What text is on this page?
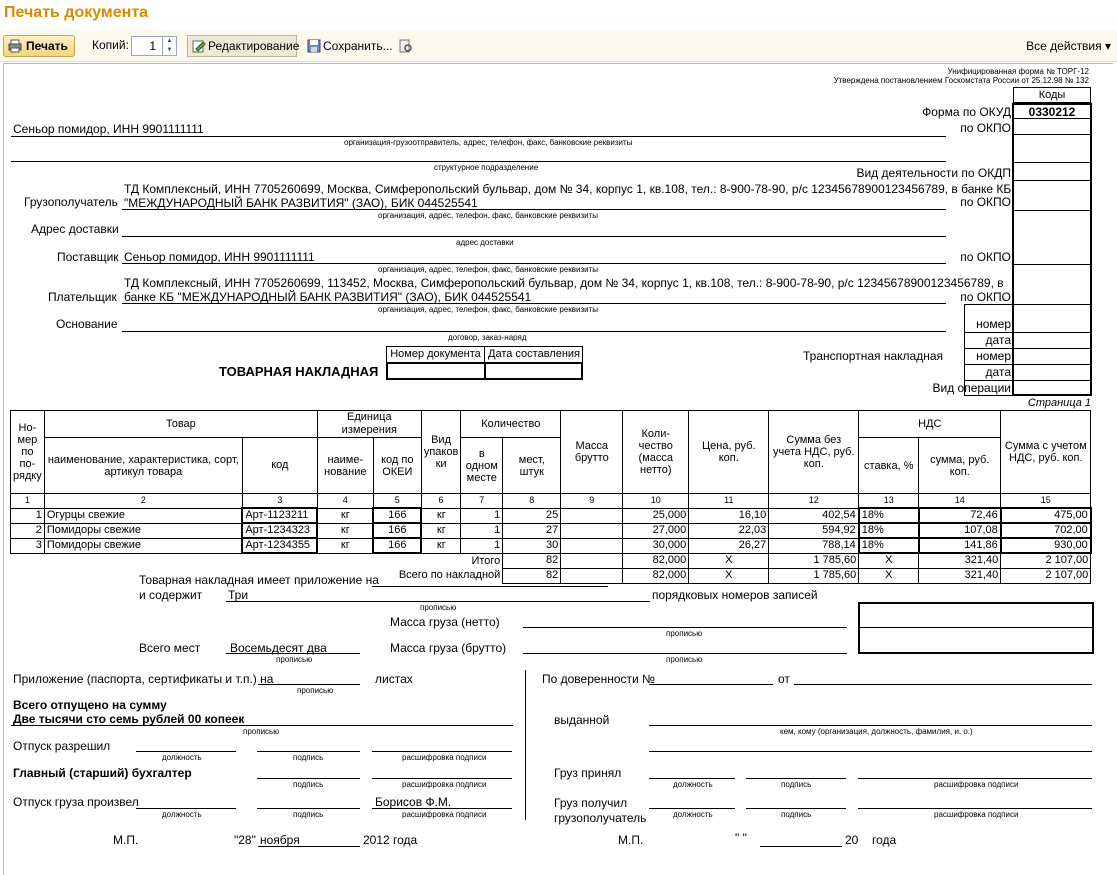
Печать документа
Печать	Копий: 1	▲
▼	Редактирование	Сохранить...	Все действия ▾
Унифицированная форма № ТОРГ-12
Утверждена постановлением Госкомстата России от 25.12.98 № 132
Коды
0330212
Форма по ОКУД
по ОКПО
Вид деятельности по ОКДП
по ОКПО
по ОКПО
по ОКПО
номер
дата
номер
дата
Вид операции
Транспортная накладная
Сеньор помидор, ИНН 9901111111
организация-грузоотправитель, адрес, телефон, факс, банковские реквизиты
структурное подразделение
Грузополучатель
ТД Комплексный, ИНН 7705260699, Москва, Симферопольский бульвар, дом № 34, корпус 1, кв.108, тел.: 8-900-78-90, р/с 12345678900123456789, в банке КБ
"МЕЖДУНАРОДНЫЙ БАНК РАЗВИТИЯ" (ЗАО), БИК 044525541
организация, адрес, телефон, факс, банковские реквизиты
Адрес доставки
адрес доставки
Поставщик Сеньор помидор, ИНН 9901111111
организация, адрес, телефон, факс, банковские реквизиты
Плательщик
ТД Комплексный, ИНН 7705260699, 113452, Москва, Симферопольский бульвар, дом № 34, корпус 1, кв.108, тел.: 8-900-78-90, р/с 12345678900123456789, в
банке КБ "МЕЖДУНАРОДНЫЙ БАНК РАЗВИТИЯ" (ЗАО), БИК 044525541
организация, адрес, телефон, факс, банковские реквизиты
Основание
договор, заказ-наряд
Номер документа Дата составления
ТОВАРНАЯ НАКЛАДНАЯ
Страница 1
Но-мер по по-рядку	Товар		Единица измерения		Вид упаков ки	Количество		Масса брутто	Коли-чество (масса нетто)	Цена, руб. коп.	Сумма без учета НДС, руб. коп.	НДС		Сумма с учетом НДС, руб. коп.
	наименование, характеристика, сорт, артикул товара	код	наиме-нование	код по ОКЕИ		в одном месте	мест, штук					ставка, %	сумма, руб. коп.	
1	2	3	4	5	6	7	8	9	10	11	12	13	14	15
1	Огурцы свежие	Арт-1123211	кг	166	кг	1	25		25,000	16,10	402,54	18%	72,46	475,00
2	Помидоры свежие	Арт-1234323	кг	166	кг	1	27		27,000	22,03	594,92	18%	107,08	702,00
3	Помидоры свежие	Арт-1234355	кг	166	кг	1	30		30,000	26,27	788,14	18%	141,86	930,00
Итого							82		82,000	X	1 785,60	X	321,40	2 107,00
Всего по накладной							82		82,000	X	1 785,60	X	321,40	2 107,00
Товарная накладная имеет приложение на
и содержит Три
прописью
порядковых номеров записей
Масса груза (нетто)
прописью
Всего мест Восемьдесят два
прописью
Масса груза (брутто)
прописью
Приложение (паспорта, сертификаты и т.п.) на
прописью
листах
Всего отпущено на сумму
Две тысячи сто семь рублей 00 копеек
прописью
Отпуск разрешил
должность	подпись	расшифровка подписи
Главный (старший) бухгалтер
подпись	расшифровка подписи
Отпуск груза произвел	Борисов Ф.М.
должность	подпись	расшифровка подписи
М.П.	"28" ноября	2012 года
По доверенности №	от
выданной
кем, кому (организация, должность, фамилия, и. о.)
Груз принял
должность	подпись	расшифровка подписи
Груз получил
грузополучатель	должность	подпись	расшифровка подписи
М.П.	" "	20 года
